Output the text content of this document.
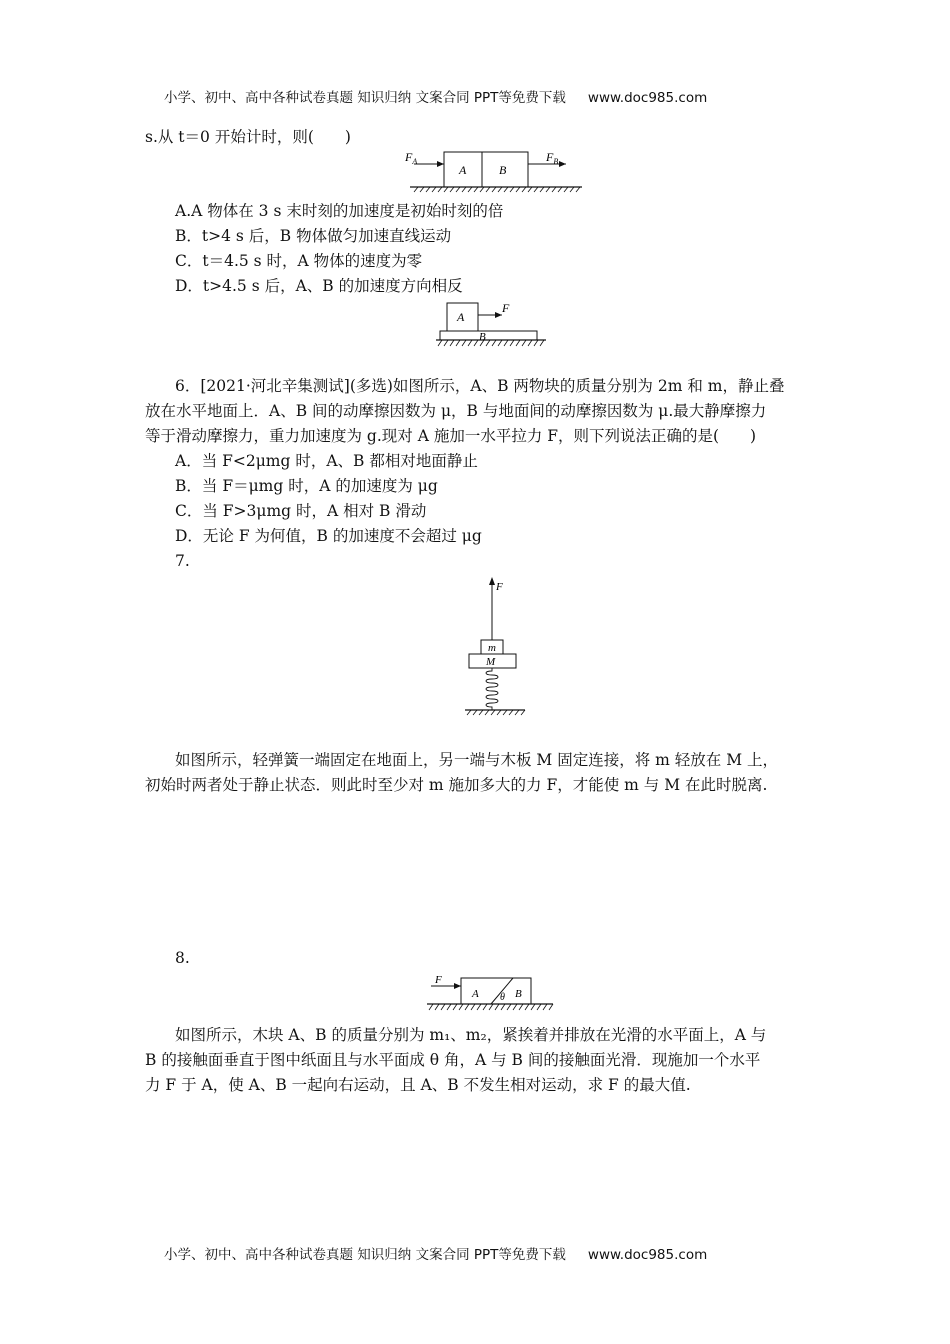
小学、初中、高中各种试卷真题 知识归纳 文案合同 PPT等免费下载 www.doc985.com
s.从 t＝0 开始计时，则(　　)
$F_A$
A	B
$F_B$
A.A 物体在 3 s 末时刻的加速度是初始时刻的倍
B．t>4 s 后，B 物体做匀加速直线运动
C．t＝4.5 s 时，A 物体的速度为零
D．t>4.5 s 后，A、B 的加速度方向相反
A
F
B
6．[2021·河北辛集测试](多选)如图所示，A、B 两物块的质量分别为 2m 和 m，静止叠
放在水平地面上．A、B 间的动摩擦因数为 μ，B 与地面间的动摩擦因数为 μ.最大静摩擦力
等于滑动摩擦力，重力加速度为 g.现对 A 施加一水平拉力 F，则下列说法正确的是(　　)
A．当 F<2μmg 时，A、B 都相对地面静止
B．当 F＝μmg 时，A 的加速度为 μg
C．当 F>3μmg 时，A 相对 B 滑动
D．无论 F 为何值，B 的加速度不会超过 μg
7.
F
m
M
如图所示，轻弹簧一端固定在地面上，另一端与木板 M 固定连接，将 m 轻放在 M 上，
初始时两者处于静止状态．则此时至少对 m 施加多大的力 F，才能使 m 与 M 在此时脱离.
8.
F
A θ B
如图所示，木块 A、B 的质量分别为 m₁、m₂，紧挨着并排放在光滑的水平面上，A 与
B 的接触面垂直于图中纸面且与水平面成 θ 角，A 与 B 间的接触面光滑．现施加一个水平
力 F 于 A，使 A、B 一起向右运动，且 A、B 不发生相对运动，求 F 的最大值.
小学、初中、高中各种试卷真题 知识归纳 文案合同 PPT等免费下载 www.doc985.com
